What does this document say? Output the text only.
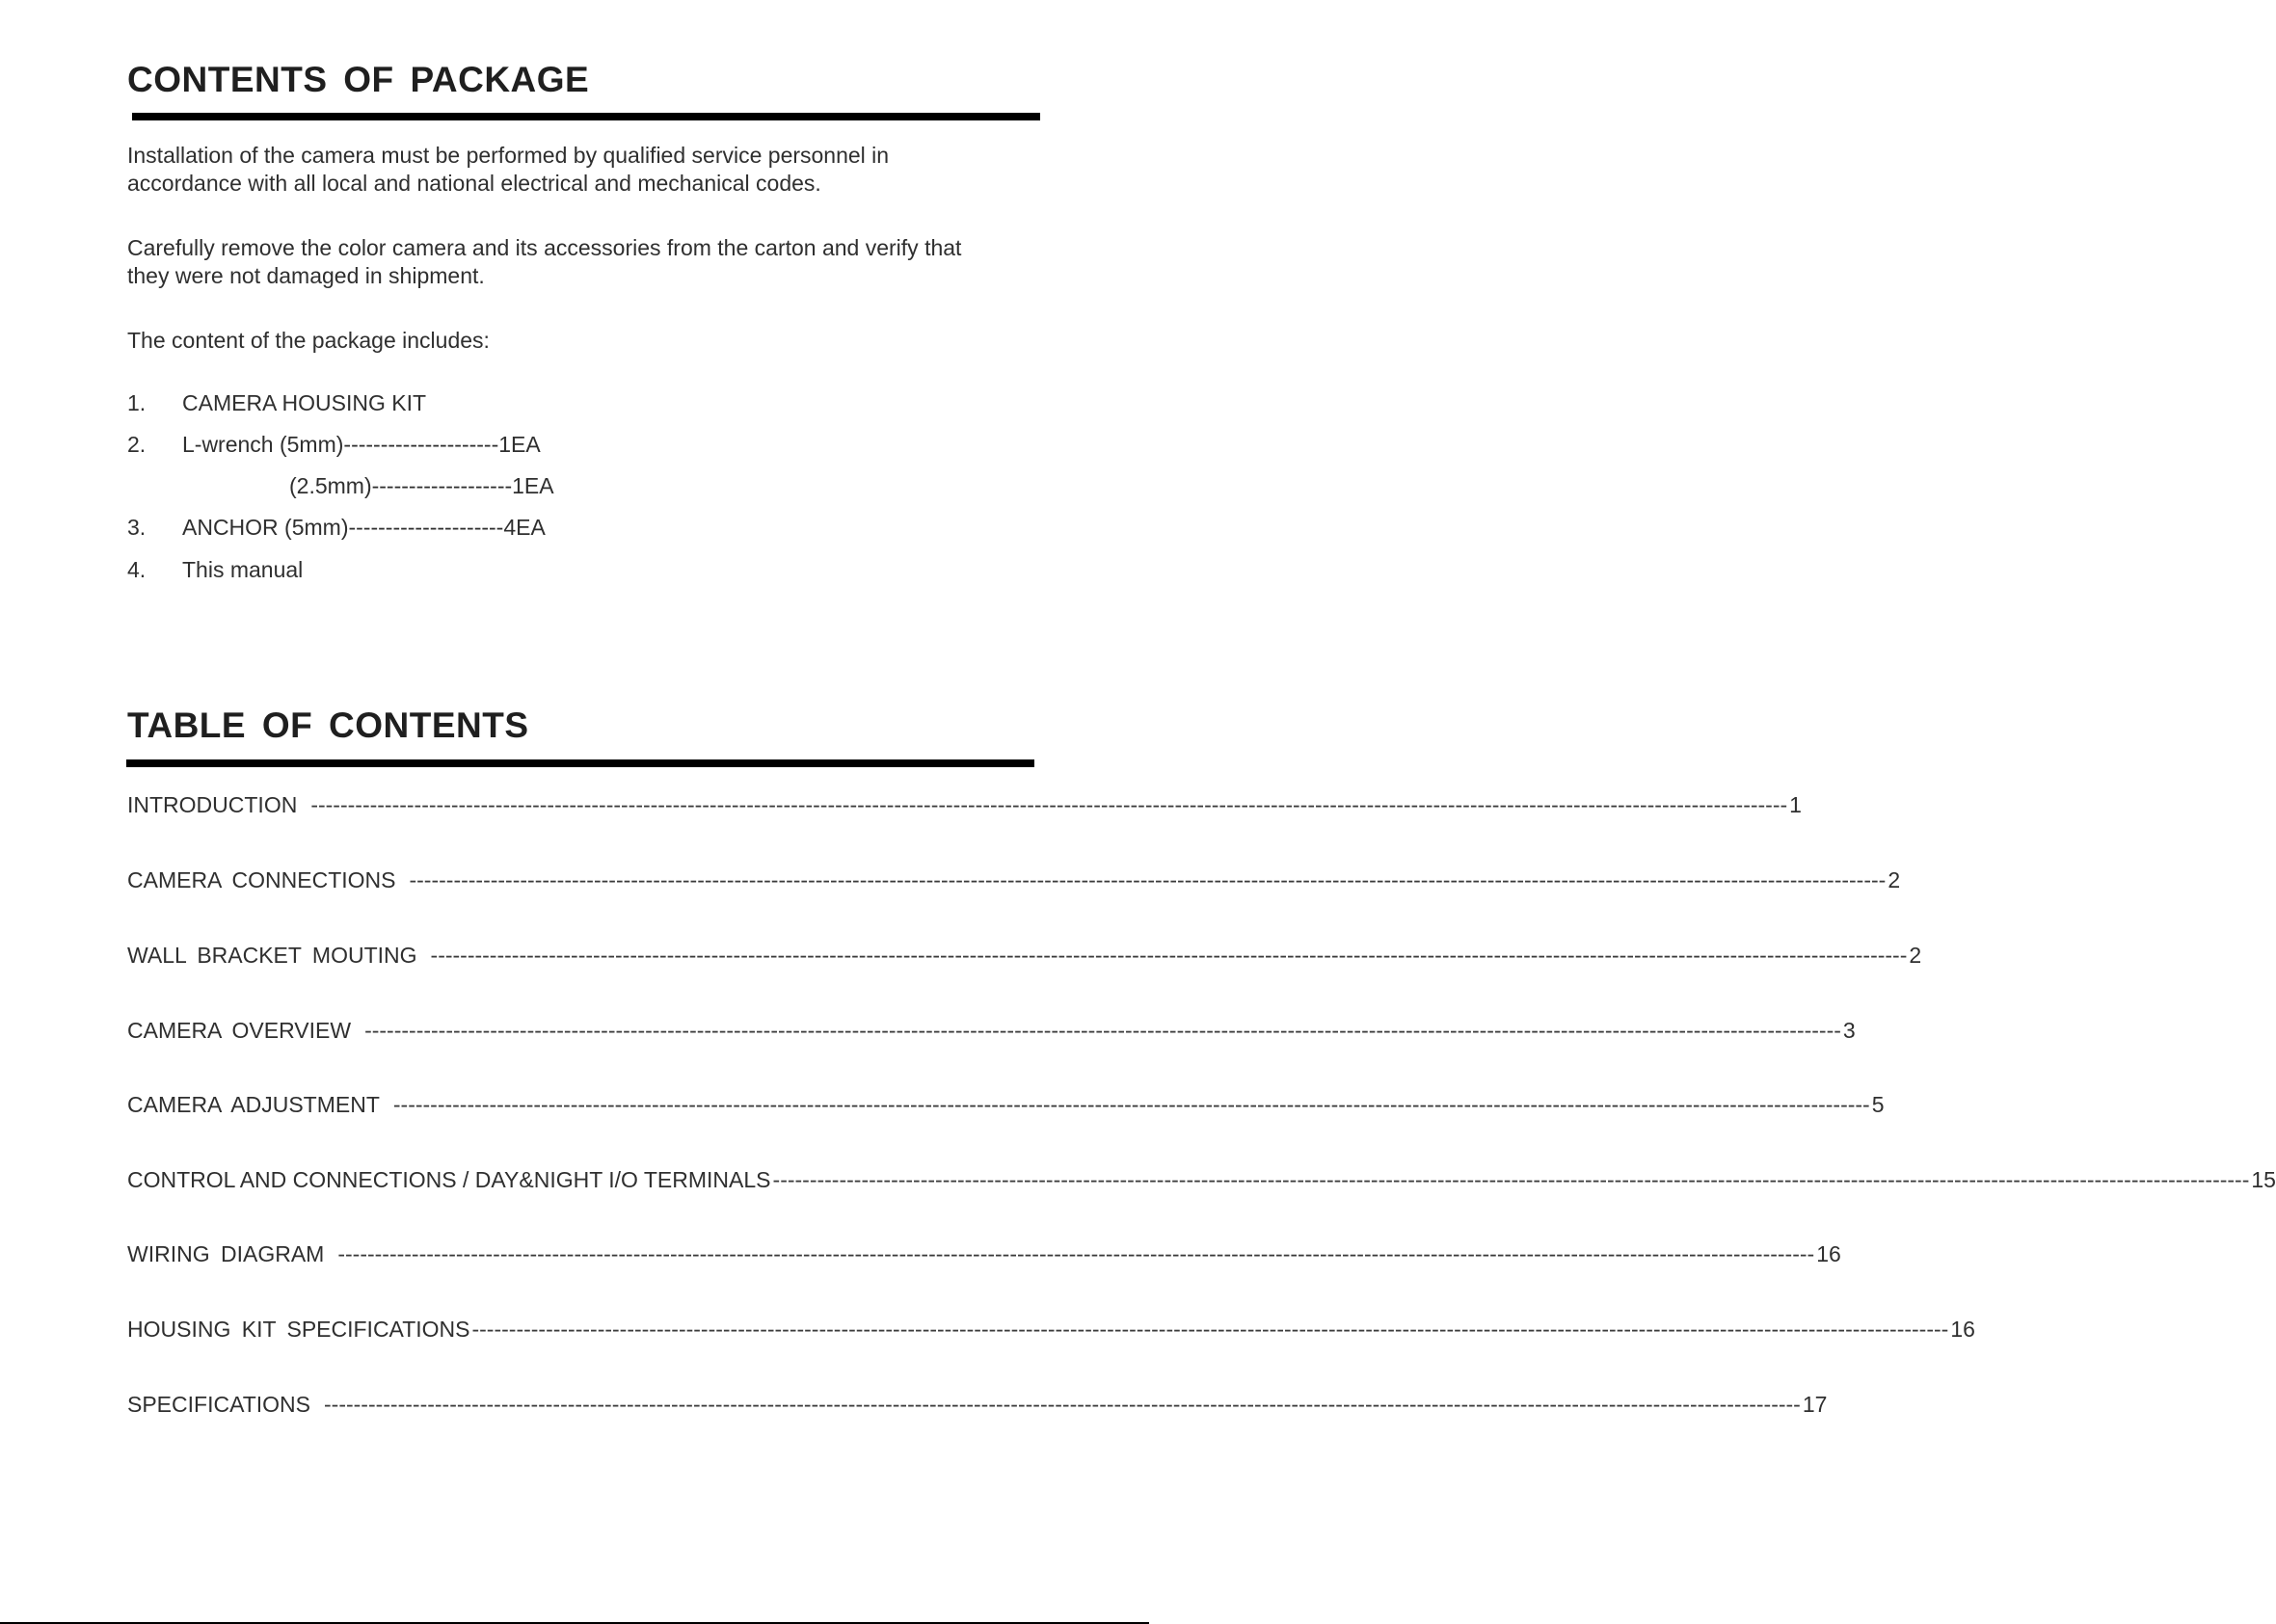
CONTENTS OF PACKAGE
Installation of the camera must be performed by qualified service personnel in
accordance with all local and national electrical and mechanical codes.
Carefully remove the color camera and its accessories from the carton and verify that
they were not damaged in shipment.
The content of the package includes:
1. CAMERA HOUSING KIT
2. L-wrench (5mm)---------------------1EA
(2.5mm)-------------------1EA
3. ANCHOR (5mm)---------------------4EA
4. This manual
TABLE OF CONTENTS
INTRODUCTION -------------------------------------------------------------------------------------------------------------------------------------------------------------------------------------------------------- 1
CAMERA CONNECTIONS -------------------------------------------------------------------------------------------------------------------------------------------------------------------------------------------------------- 2
WALL BRACKET MOUTING -------------------------------------------------------------------------------------------------------------------------------------------------------------------------------------------------------- 2
CAMERA OVERVIEW -------------------------------------------------------------------------------------------------------------------------------------------------------------------------------------------------------- 3
CAMERA ADJUSTMENT -------------------------------------------------------------------------------------------------------------------------------------------------------------------------------------------------------- 5
CONTROL AND CONNECTIONS / DAY&NIGHT I/O TERMINALS -------------------------------------------------------------------------------------------------------------------------------------------------------------------------------------------------------- 15
WIRING DIAGRAM -------------------------------------------------------------------------------------------------------------------------------------------------------------------------------------------------------- 16
HOUSING KIT SPECIFICATIONS -------------------------------------------------------------------------------------------------------------------------------------------------------------------------------------------------------- 16
SPECIFICATIONS -------------------------------------------------------------------------------------------------------------------------------------------------------------------------------------------------------- 17
